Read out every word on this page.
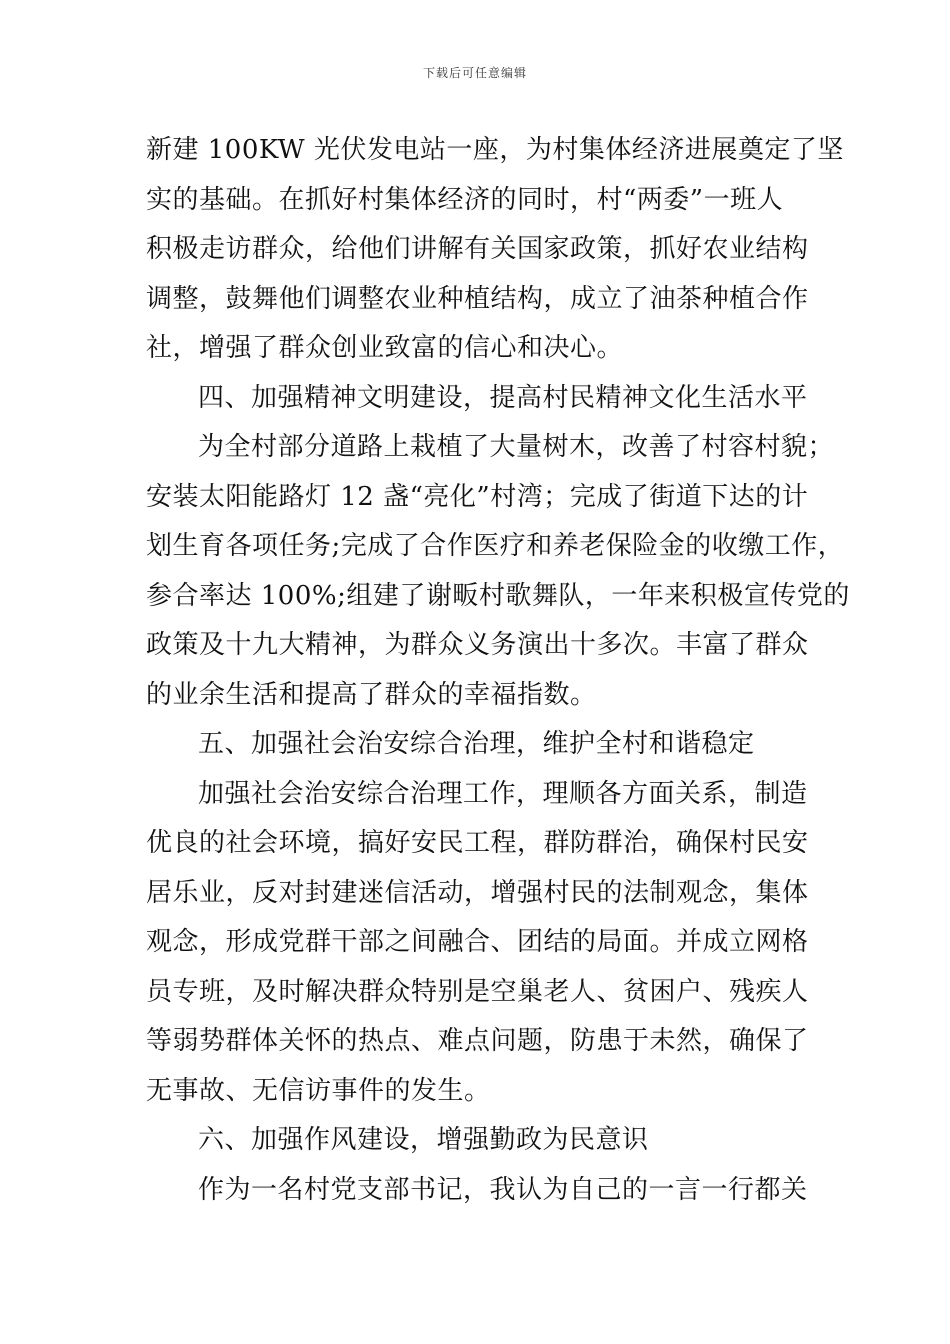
下载后可任意编辑
新建 100KW 光伏发电站一座，为村集体经济进展奠定了坚
实的基础。在抓好村集体经济的同时，村“两委”一班人
积极走访群众，给他们讲解有关国家政策，抓好农业结构
调整，鼓舞他们调整农业种植结构，成立了油茶种植合作
社，增强了群众创业致富的信心和决心。
四、加强精神文明建设，提高村民精神文化生活水平
为全村部分道路上栽植了大量树木，改善了村容村貌；
安装太阳能路灯 12 盏“亮化”村湾；完成了街道下达的计
划生育各项任务;完成了合作医疗和养老保险金的收缴工作，
参合率达 100%;组建了谢畈村歌舞队，一年来积极宣传党的
政策及十九大精神，为群众义务演出十多次。丰富了群众
的业余生活和提高了群众的幸福指数。
五、加强社会治安综合治理，维护全村和谐稳定
加强社会治安综合治理工作，理顺各方面关系，制造
优良的社会环境，搞好安民工程，群防群治，确保村民安
居乐业，反对封建迷信活动，增强村民的法制观念，集体
观念，形成党群干部之间融合、团结的局面。并成立网格
员专班，及时解决群众特别是空巢老人、贫困户、残疾人
等弱势群体关怀的热点、难点问题，防患于未然，确保了
无事故、无信访事件的发生。
六、加强作风建设，增强勤政为民意识
作为一名村党支部书记，我认为自己的一言一行都关
